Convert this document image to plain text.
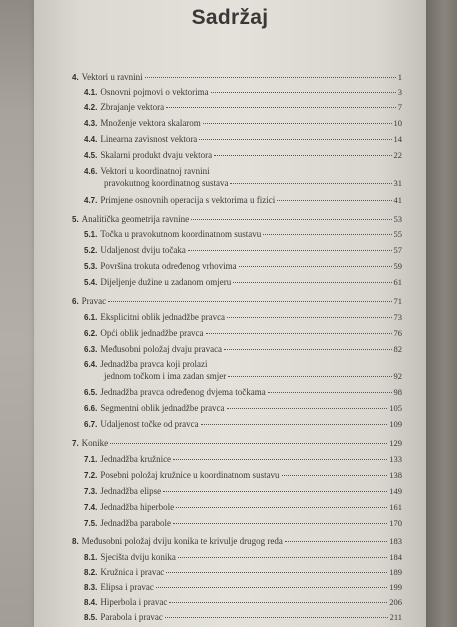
Sadržaj
4. Vektori u ravnini	1
4.1. Osnovni pojmovi o vektorima	3
4.2. Zbrajanje vektora	7
4.3. Množenje vektora skalarom	10
4.4. Linearna zavisnost vektora	14
4.5. Skalarni produkt dvaju vektora	22
4.6. Vektori u koordinatnoj ravnini
pravokutnog koordinatnog sustava	31
4.7. Primjene osnovnih operacija s vektorima u fizici	41
5. Analitička geometrija ravnine	53
5.1. Točka u pravokutnom koordinatnom sustavu	55
5.2. Udaljenost dviju točaka	57
5.3. Površina trokuta određenog vrhovima	59
5.4. Dijeljenje dužine u zadanom omjeru	61
6. Pravac	71
6.1. Eksplicitni oblik jednadžbe pravca	73
6.2. Opći oblik jednadžbe pravca	76
6.3. Međusobni položaj dvaju pravaca	82
6.4. Jednadžba pravca koji prolazi
jednom točkom i ima zadan smjer	92
6.5. Jednadžba pravca određenog dvjema točkama	98
6.6. Segmentni oblik jednadžbe pravca	105
6.7. Udaljenost točke od pravca	109
7. Konike	129
7.1. Jednadžba kružnice	133
7.2. Posebni položaj kružnice u koordinatnom sustavu	138
7.3. Jednadžba elipse	149
7.4. Jednadžba hiperbole	161
7.5. Jednadžba parabole	170
8. Međusobni položaj dviju konika te krivulje drugog reda	183
8.1. Sjecišta dviju konika	184
8.2. Kružnica i pravac	189
8.3. Elipsa i pravac	199
8.4. Hiperbola i pravac	206
8.5. Parabola i pravac	211
